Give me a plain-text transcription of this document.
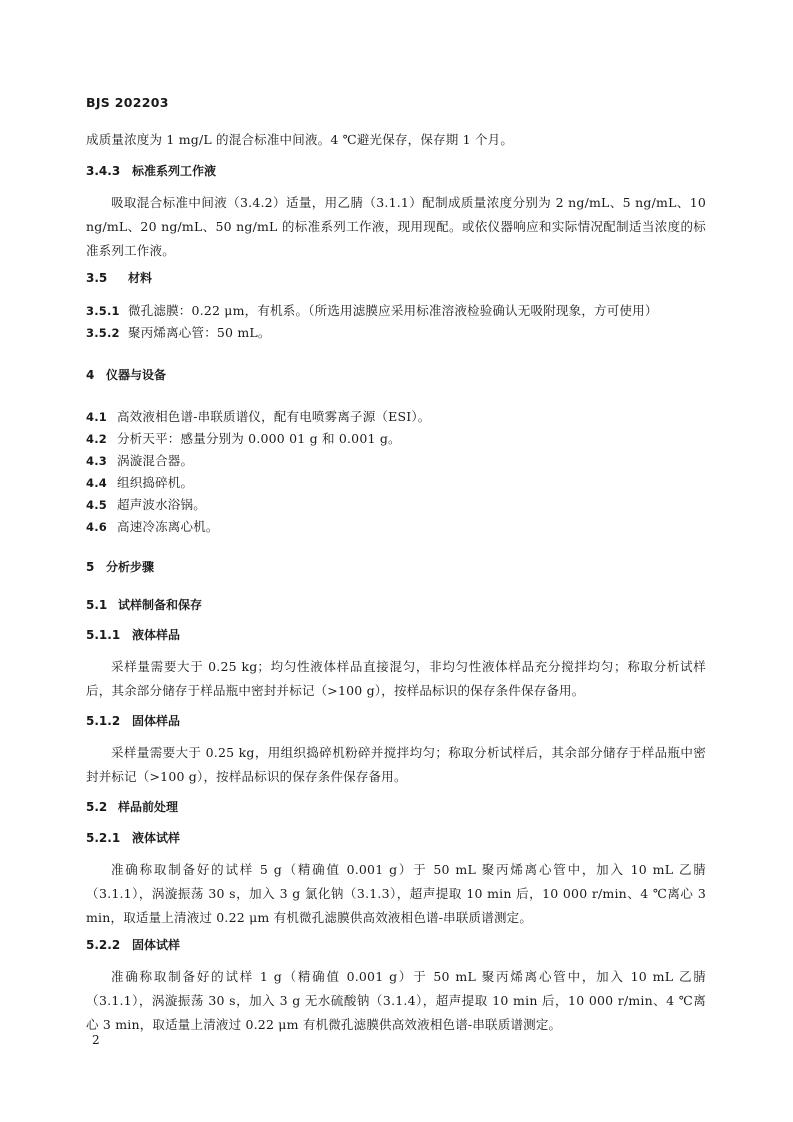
BJS 202203

成质量浓度为 1 mg/L 的混合标准中间液。4 ℃避光保存，保存期 1 个月。

3.4.3 标准系列工作液

吸取混合标准中间液（3.4.2）适量，用乙腈（3.1.1）配制成质量浓度分别为 2 ng/mL、5 ng/mL、10 ng/mL、20 ng/mL、50 ng/mL 的标准系列工作液，现用现配。或依仪器响应和实际情况配制适当浓度的标准系列工作液。

3.5 材料
3.5.1 微孔滤膜：0.22 μm，有机系。（所选用滤膜应采用标准溶液检验确认无吸附现象，方可使用）
3.5.2 聚丙烯离心管：50 mL。
4 仪器与设备
4.1 高效液相色谱-串联质谱仪，配有电喷雾离子源（ESI）。
4.2 分析天平：感量分别为 0.000 01 g 和 0.001 g。
4.3 涡漩混合器。
4.4 组织捣碎机。
4.5 超声波水浴锅。
4.6 高速冷冻离心机。
5 分析步骤
5.1 试样制备和保存
5.1.1 液体样品

采样量需要大于 0.25 kg；均匀性液体样品直接混匀，非均匀性液体样品充分搅拌均匀；称取分析试样后，其余部分储存于样品瓶中密封并标记（>100 g），按样品标识的保存条件保存备用。

5.1.2 固体样品

采样量需要大于 0.25 kg，用组织捣碎机粉碎并搅拌均匀；称取分析试样后，其余部分储存于样品瓶中密封并标记（>100 g），按样品标识的保存条件保存备用。

5.2 样品前处理
5.2.1 液体试样

准确称取制备好的试样 5 g（精确值 0.001 g）于 50 mL 聚丙烯离心管中，加入 10 mL 乙腈（3.1.1），涡漩振荡 30 s，加入 3 g 氯化钠（3.1.3），超声提取 10 min 后，10 000 r/min、4 ℃离心 3 min，取适量上清液过 0.22 μm 有机微孔滤膜供高效液相色谱-串联质谱测定。

5.2.2 固体试样

准确称取制备好的试样 1 g（精确值 0.001 g）于 50 mL 聚丙烯离心管中，加入 10 mL 乙腈（3.1.1），涡漩振荡 30 s，加入 3 g 无水硫酸钠（3.1.4），超声提取 10 min 后，10 000 r/min、4 ℃离心 3 min，取适量上清液过 0.22 μm 有机微孔滤膜供高效液相色谱-串联质谱测定。

2
